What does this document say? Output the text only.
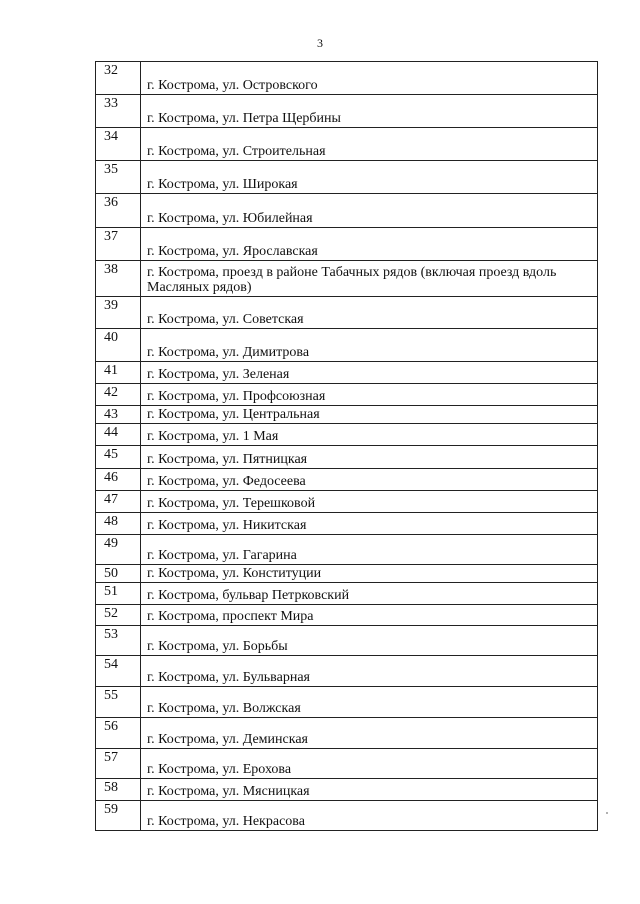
3
32	г. Кострома, ул. Островского
33	г. Кострома, ул. Петра Щербины
34	г. Кострома, ул. Строительная
35	г. Кострома, ул. Широкая
36	г. Кострома, ул. Юбилейная
37	г. Кострома, ул. Ярославская
38	г. Кострома, проезд в районе Табачных рядов (включая проезд вдоль Масляных рядов)
39	г. Кострома, ул. Советская
40	г. Кострома, ул. Димитрова
41	г. Кострома, ул. Зеленая
42	г. Кострома, ул. Профсоюзная
43	г. Кострома, ул. Центральная
44	г. Кострома, ул. 1 Мая
45	г. Кострома, ул. Пятницкая
46	г. Кострома, ул. Федосеева
47	г. Кострома, ул. Терешковой
48	г. Кострома, ул. Никитская
49	г. Кострома, ул. Гагарина
50	г. Кострома, ул. Конституции
51	г. Кострома, бульвар Петрковский
52	г. Кострома, проспект Мира
53	г. Кострома, ул. Борьбы
54	г. Кострома, ул. Бульварная
55	г. Кострома, ул. Волжская
56	г. Кострома, ул. Деминская
57	г. Кострома, ул. Ерохова
58	г. Кострома, ул. Мясницкая
59	г. Кострома, ул. Некрасова
